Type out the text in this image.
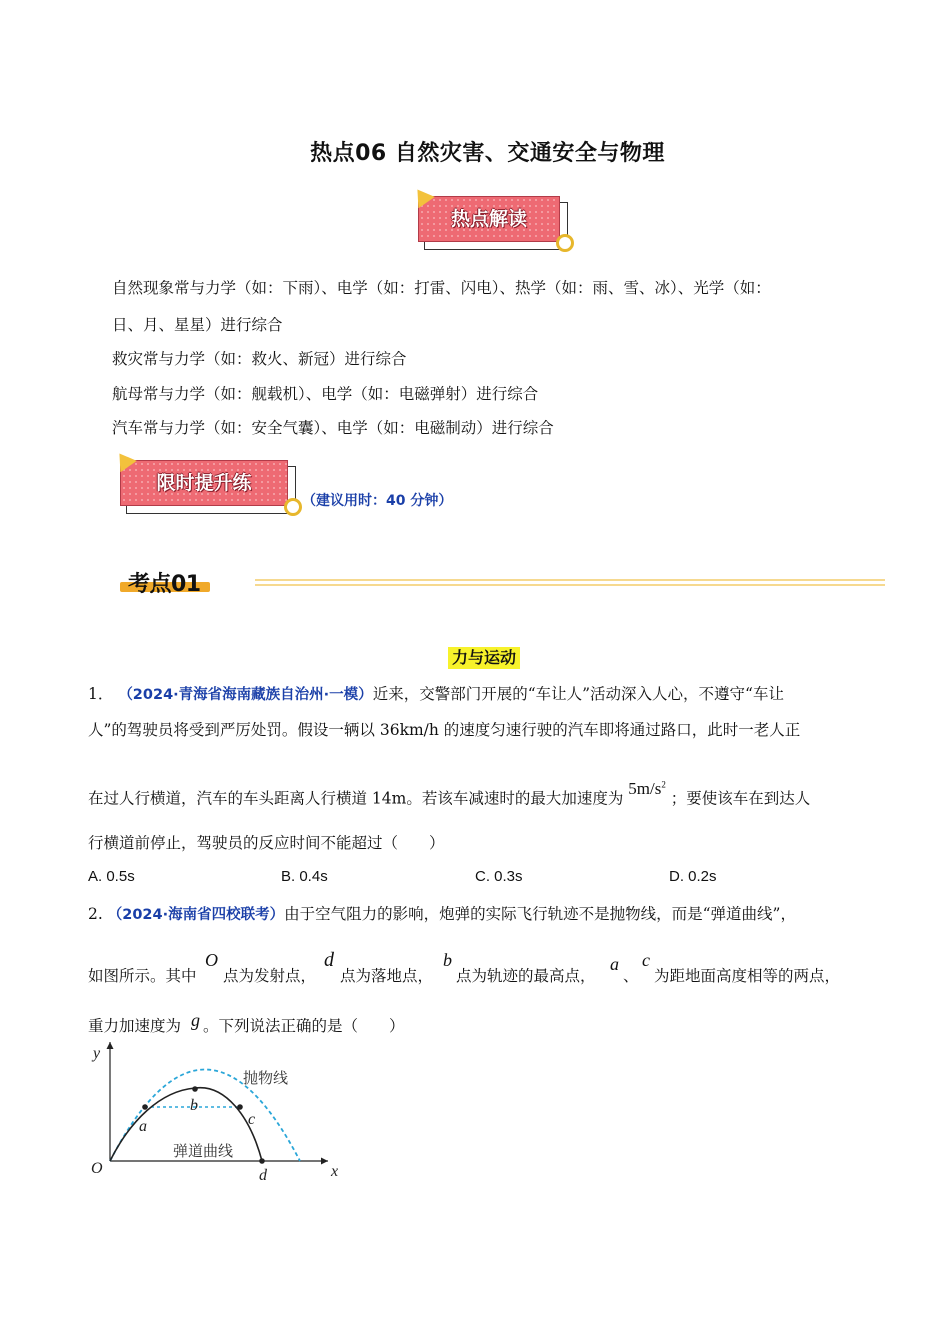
热点06 自然灾害、交通安全与物理
热点解读
自然现象常与力学（如：下雨）、电学（如：打雷、闪电）、热学（如：雨、雪、冰）、光学（如：
日、月、星星）进行综合
救灾常与力学（如：救火、新冠）进行综合
航母常与力学（如：舰载机）、电学（如：电磁弹射）进行综合
汽车常与力学（如：安全气囊）、电学（如：电磁制动）进行综合
限时提升练
（建议用时：40 分钟）
考点01
力与运动
1． （2024·青海省海南藏族自治州·一模）近来，交警部门开展的“车让人”活动深入人心，不遵守“车让
人”的驾驶员将受到严厉处罚。假设一辆以 36km/h 的速度匀速行驶的汽车即将通过路口，此时一老人正
在过人行横道，汽车的车头距离人行横道 14m。若该车减速时的最大加速度为 $5m/s^2$ ；要使该车在到达人
行横道前停止，驾驶员的反应时间不能超过（　　）
A. 0.5s	B. 0.4s	C. 0.3s	D. 0.2s
2. （2024·海南省四校联考）由于空气阻力的影响，炮弹的实际飞行轨迹不是抛物线，而是“弹道曲线”，
如图所示。其中
O
点为发射点，
d
点为落地点，
b
点为轨迹的最高点，
a
、
c
为距地面高度相等的两点，
重力加速度为 g 。下列说法正确的是（　　）
y
x
O
抛物线
弹道曲线
a
b
c
d
